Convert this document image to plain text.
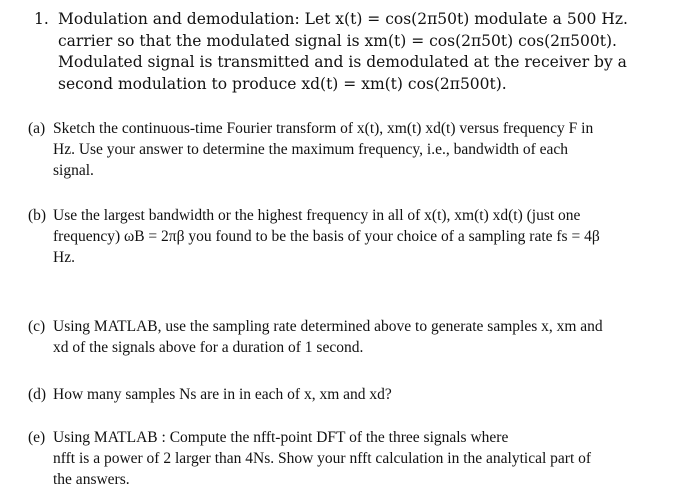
1. Modulation and demodulation: Let x(t) = cos(2π50t) modulate a 500 Hz.
carrier so that the modulated signal is xm(t) = cos(2π50t) cos(2π500t).
Modulated signal is transmitted and is demodulated at the receiver by a
second modulation to produce xd(t) = xm(t) cos(2π500t).
(a) Sketch the continuous-time Fourier transform of x(t), xm(t) xd(t) versus frequency F in
Hz. Use your answer to determine the maximum frequency, i.e., bandwidth of each
signal.
(b) Use the largest bandwidth or the highest frequency in all of x(t), xm(t) xd(t) (just one
frequency) ωB = 2πβ you found to be the basis of your choice of a sampling rate fs = 4β
Hz.
(c) Using MATLAB, use the sampling rate determined above to generate samples x, xm and
xd of the signals above for a duration of 1 second.
(d) How many samples Ns are in in each of x, xm and xd?
(e) Using MATLAB : Compute the nfft-point DFT of the three signals where
nfft is a power of 2 larger than 4Ns. Show your nfft calculation in the analytical part of
the answers.
